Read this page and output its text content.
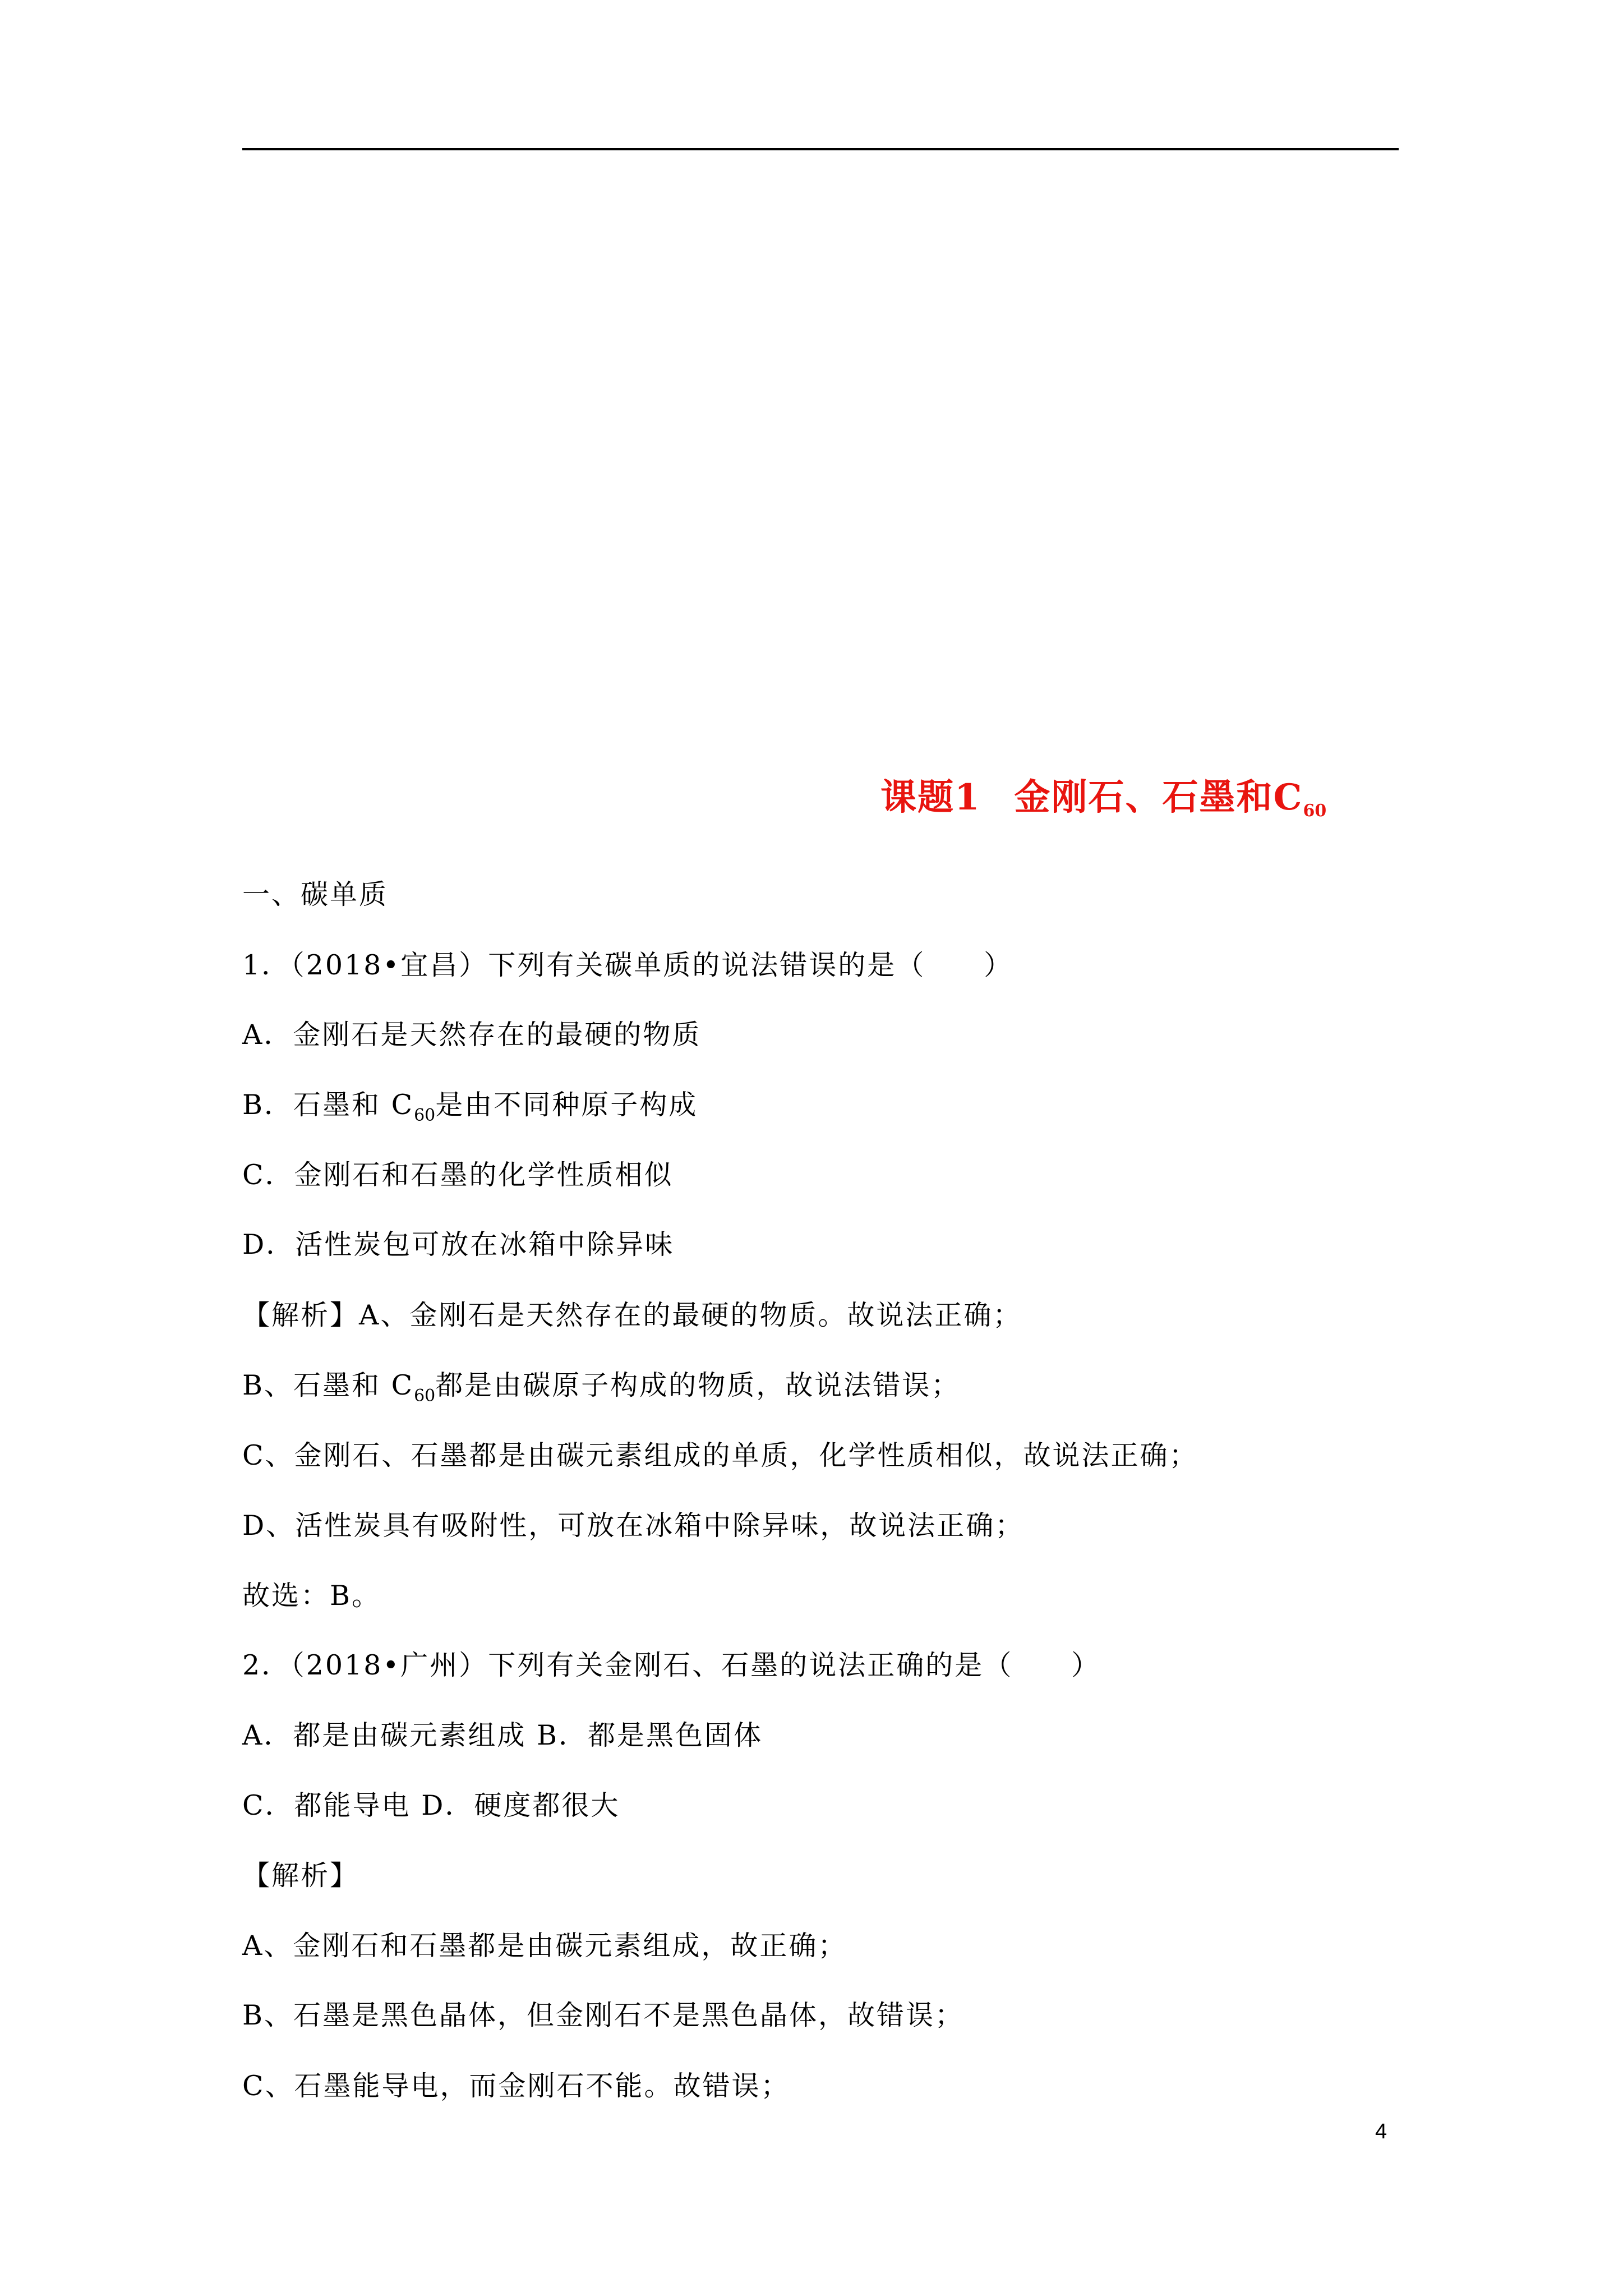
课题1 金刚石、石墨和C60
一、碳单质
1．（2018•宜昌）下列有关碳单质的说法错误的是（　　）
A．金刚石是天然存在的最硬的物质
B．石墨和 $C_{60}$是由不同种原子构成
C．金刚石和石墨的化学性质相似
D．活性炭包可放在冰箱中除异味
【解析】A、金刚石是天然存在的最硬的物质。故说法正确；
B、石墨和 $C_{60}$都是由碳原子构成的物质，故说法错误；
C、金刚石、石墨都是由碳元素组成的单质，化学性质相似，故说法正确；
D、活性炭具有吸附性，可放在冰箱中除异味，故说法正确；
故选：B。
2．（2018•广州）下列有关金刚石、石墨的说法正确的是（　　）
A．都是由碳元素组成 B．都是黑色固体
C．都能导电 D．硬度都很大
【解析】
A、金刚石和石墨都是由碳元素组成，故正确；
B、石墨是黑色晶体，但金刚石不是黑色晶体，故错误；
C、石墨能导电，而金刚石不能。故错误；
4
